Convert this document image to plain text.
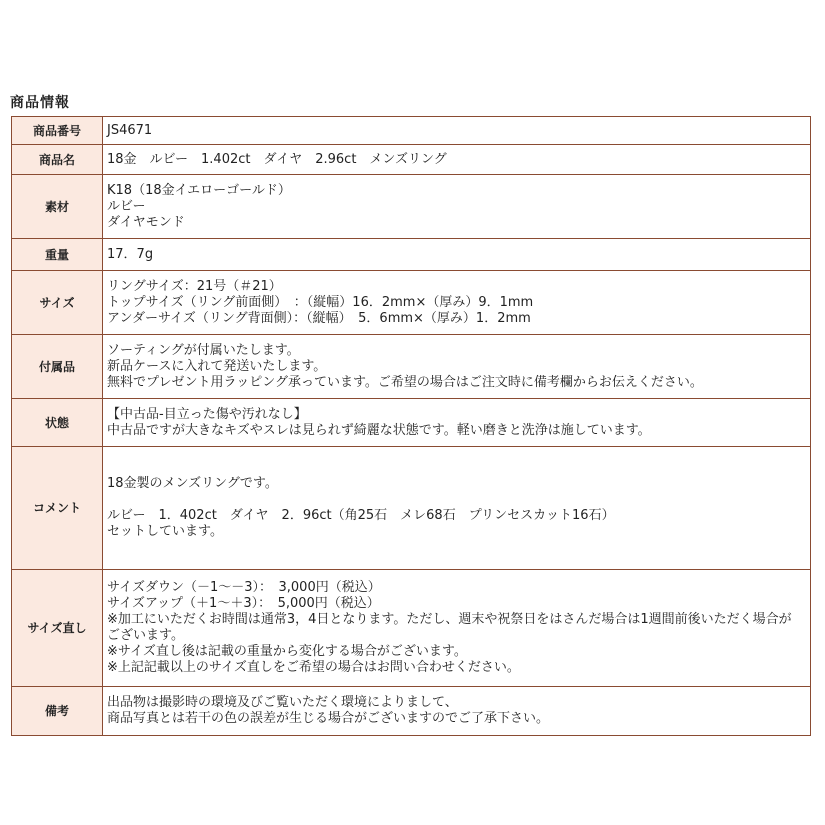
商品情報
商品番号	JS4671
商品名	18金　ルビー　1.402ct　ダイヤ　2.96ct　メンズリング
素材	K18（18金イエローゴールド）
ルビー
ダイヤモンド
重量	17．7g
サイズ	リングサイズ：21号（＃21）
トップサイズ（リング前面側）　：（縦幅）16．2mm×（厚み）9．1mm
アンダーサイズ（リング背面側）：（縦幅）　5．6mm×（厚み）1．2mm
付属品	ソーティングが付属いたします。
新品ケースに入れて発送いたします。
無料でプレゼント用ラッピング承っています。ご希望の場合はご注文時に備考欄からお伝えください。
状態	【中古品-目立った傷や汚れなし】
中古品ですが大きなキズやスレは見られず綺麗な状態です。軽い磨きと洗浄は施しています。
コメント	18金製のメンズリングです。

ルビー　1．402ct　ダイヤ　2．96ct（角25石　メレ68石　プリンセスカット16石）
セットしています。
サイズ直し	サイズダウン（－1～－3）：　3,000円（税込）
サイズアップ（＋1～＋3）：　5,000円（税込）
※加工にいただくお時間は通常3，4日となります。ただし、週末や祝祭日をはさんだ場合は1週間前後いただく場合がございます。
※サイズ直し後は記載の重量から変化する場合がございます。
※上記記載以上のサイズ直しをご希望の場合はお問い合わせください。
備考	出品物は撮影時の環境及びご覧いただく環境によりまして、
商品写真とは若干の色の誤差が生じる場合がございますのでご了承下さい。
